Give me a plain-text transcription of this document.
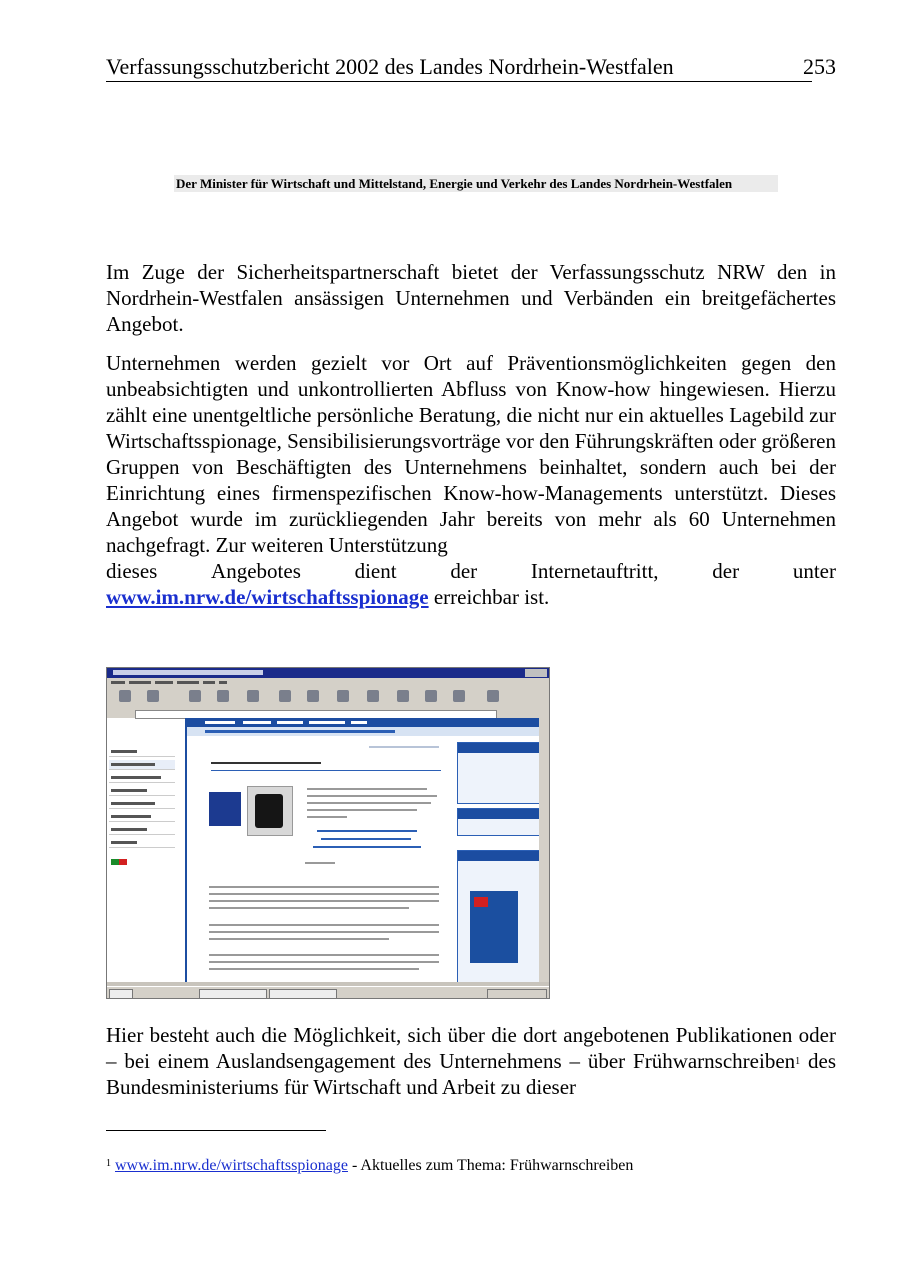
Verfassungsschutzbericht 2002 des Landes Nordrhein-Westfalen	253
Der Minister für Wirtschaft und Mittelstand, Energie und Verkehr des Landes Nordrhein-Westfalen

Im Zuge der Sicherheitspartnerschaft bietet der Verfassungsschutz NRW den in Nordrhein-Westfalen ansässigen Unternehmen und Verbänden ein breitgefächertes Angebot.

Unternehmen werden gezielt vor Ort auf Präventionsmöglichkeiten gegen den unbeabsichtigten und unkontrollierten Abfluss von Know-how hingewiesen. Hierzu zählt eine unentgeltliche persönliche Beratung, die nicht nur ein aktuelles Lagebild zur Wirtschaftsspionage, Sensibilisierungsvorträge vor den Führungskräften oder größeren Gruppen von Beschäftigten des Unternehmens beinhaltet, sondern auch bei der Einrichtung eines firmenspezifischen Know-how-Managements unterstützt. Dieses Angebot wurde im zurückliegenden Jahr bereits von mehr als 60 Unternehmen nachgefragt. Zur weiteren Unterstützung
dieses	Angebotes	dient	der	Internetauftritt,	der	unter
www.im.nrw.de/wirtschaftsspionage erreichbar ist.

Hier besteht auch die Möglichkeit, sich über die dort angebotenen Publikationen oder – bei einem Auslandsengagement des Unternehmens – über Frühwarnschreiben$^1$ des Bundesministeriums für Wirtschaft und Arbeit zu dieser

$^1$ www.im.nrw.de/wirtschaftsspionage - Aktuelles zum Thema: Frühwarnschreiben
